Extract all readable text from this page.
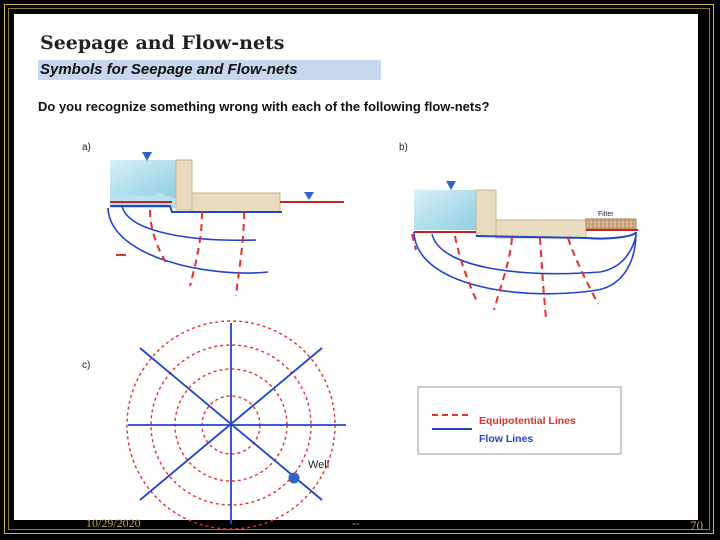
Seepage and Flow-nets
Symbols for Seepage and Flow-nets
Do you recognize something wrong with each of the following flow-nets?
Filter
Well
Equipotential Lines
Flow Lines
a)	b)
c)
10/29/2020	--	70
